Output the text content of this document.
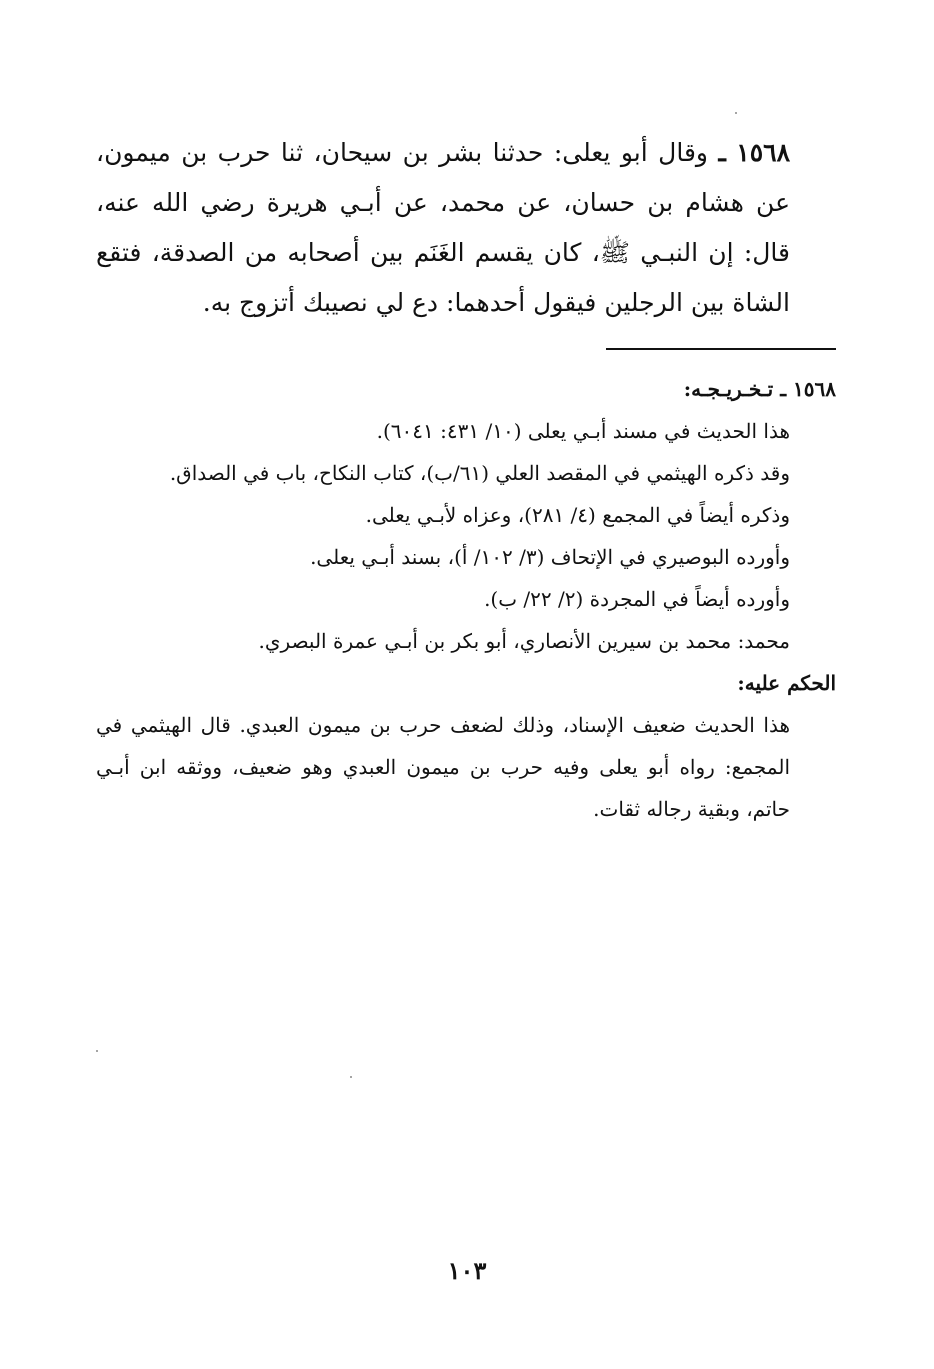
١٥٦٨ ـ وقال أبو يعلى: حدثنا بشر بن سيحان، ثنا حرب بن ميمون، عن هشام بن حسان، عن محمد، عن أبـي هريرة رضي الله عنه، قال: إن النبـي ﷺ، كان يقسم الغَنَم بين أصحابه من الصدقة، فتقع الشاة بين الرجلين فيقول أحدهما: دع لي نصيبك أتزوج به.

١٥٦٨ ـ تـخـريـجـه:

هذا الحديث في مسند أبـي يعلى (١٠/ ٤٣١: ٦٠٤١).

وقد ذكره الهيثمي في المقصد العلي (٦١/ب)، كتاب النكاح، باب في الصداق.

وذكره أيضاً في المجمع (٤/ ٢٨١)، وعزاه لأبـي يعلى.

وأورده البوصيري في الإتحاف (٣/ ١٠٢/ أ)، بسند أبـي يعلى.

وأورده أيضاً في المجردة (٢/ ٢٢/ ب).

محمد: محمد بن سيرين الأنصاري، أبو بكر بن أبـي عمرة البصري.

الحكم عليه:

هذا الحديث ضعيف الإسناد، وذلك لضعف حرب بن ميمون العبدي. قال الهيثمي في المجمع: رواه أبو يعلى وفيه حرب بن ميمون العبدي وهو ضعيف، ووثقه ابن أبـي حاتم، وبقية رجاله ثقات.

١٠٣
